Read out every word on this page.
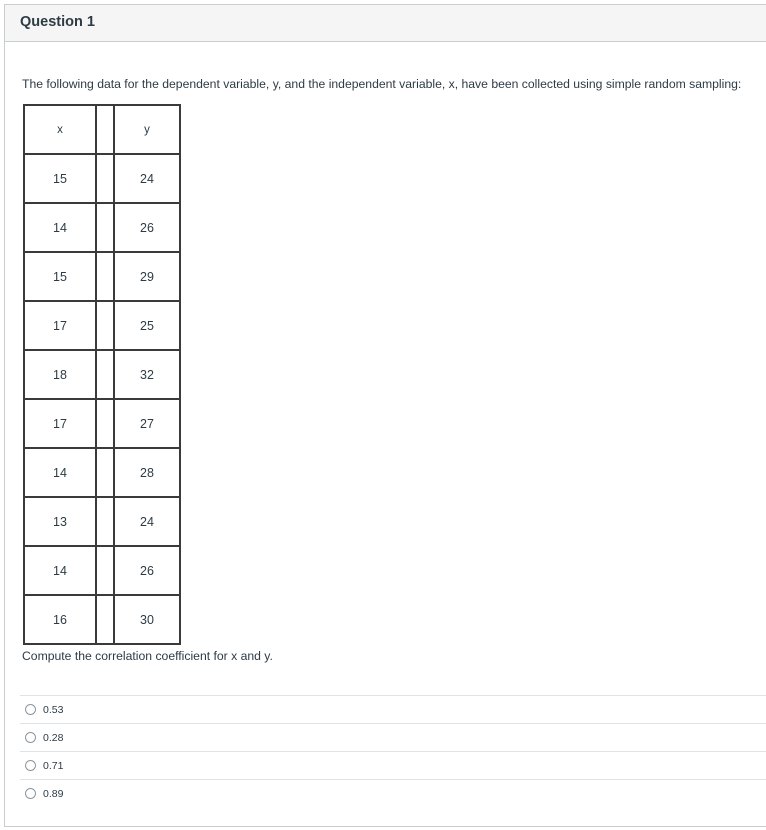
Question 1
The following data for the dependent variable, y, and the independent variable, x, have been collected using simple random sampling:
x		y
15		24
14		26
15		29
17		25
18		32
17		27
14		28
13		24
14		26
16		30
Compute the correlation coefficient for x and y.
0.53
0.28
0.71
0.89
